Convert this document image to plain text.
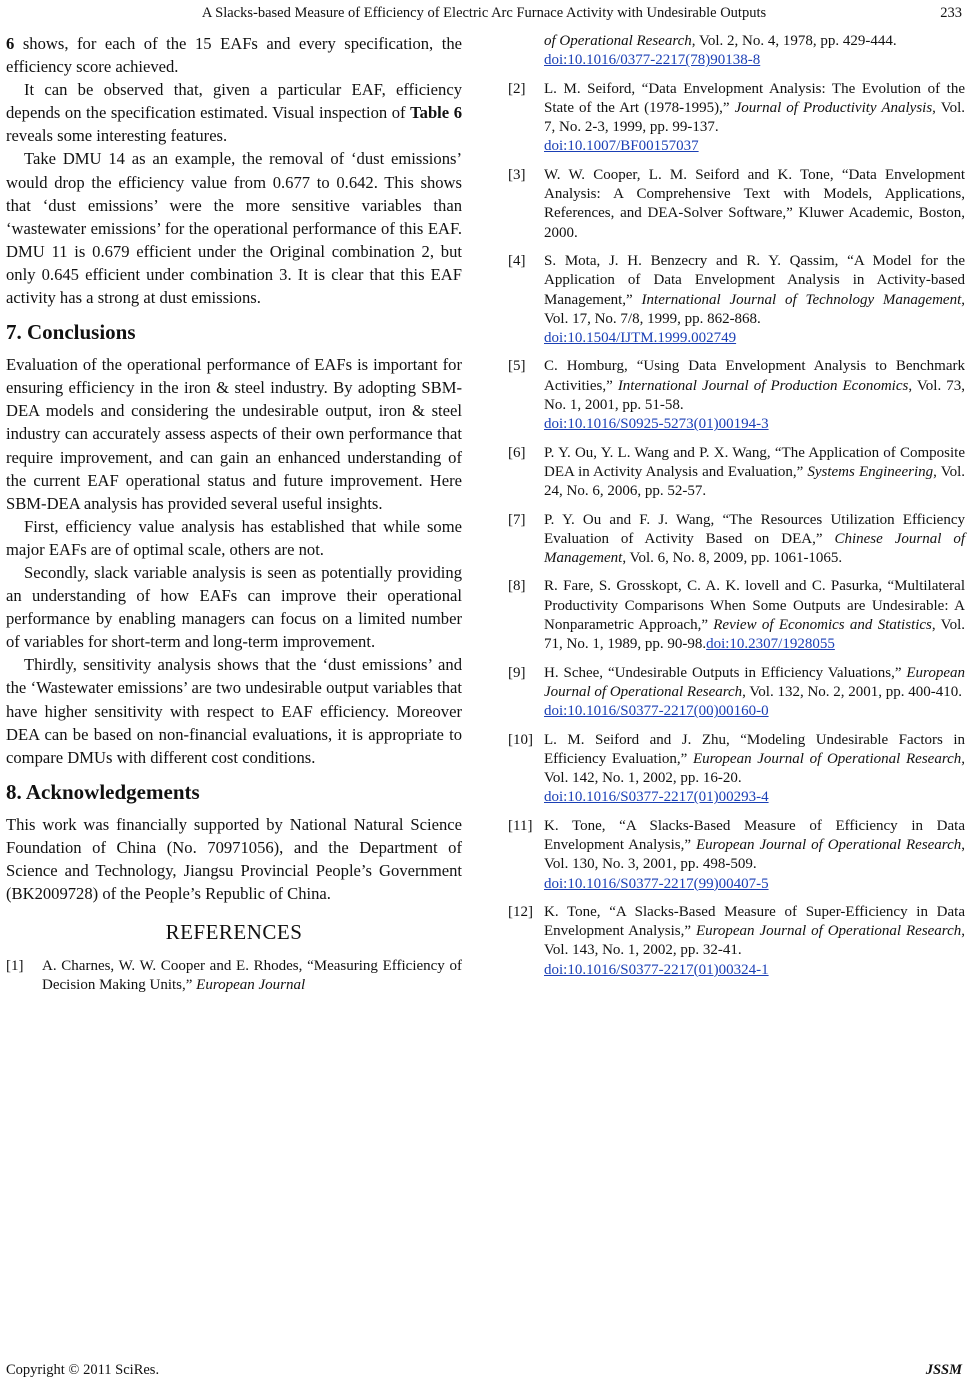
A Slacks-based Measure of Efficiency of Electric Arc Furnace Activity with Undesirable Outputs	233

6 shows, for each of the 15 EAFs and every specification, the efficiency score achieved.

It can be observed that, given a particular EAF, efficiency depends on the specification estimated. Visual inspection of Table 6 reveals some interesting features.

Take DMU 14 as an example, the removal of ‘dust emissions’ would drop the efficiency value from 0.677 to 0.642. This shows that ‘dust emissions’ were the more sensitive variables than ‘wastewater emissions’ for the operational performance of this EAF. DMU 11 is 0.679 efficient under the Original combination 2, but only 0.645 efficient under combination 3. It is clear that this EAF activity has a strong at dust emissions.

7. Conclusions

Evaluation of the operational performance of EAFs is important for ensuring efficiency in the iron & steel industry. By adopting SBM-DEA models and considering the undesirable output, iron & steel industry can accurately assess aspects of their own performance that require improvement, and can gain an enhanced understanding of the current EAF operational status and future improvement. Here SBM-DEA analysis has provided several useful insights.

First, efficiency value analysis has established that while some major EAFs are of optimal scale, others are not.

Secondly, slack variable analysis is seen as potentially providing an understanding of how EAFs can improve their operational performance by enabling managers can focus on a limited number of variables for short-term and long-term improvement.

Thirdly, sensitivity analysis shows that the ‘dust emissions’ and the ‘Wastewater emissions’ are two undesirable output variables that have higher sensitivity with respect to EAF efficiency. Moreover DEA can be based on non-financial evaluations, it is appropriate to compare DMUs with different cost conditions.

8. Acknowledgements

This work was financially supported by National Natural Science Foundation of China (No. 70971056), and the Department of Science and Technology, Jiangsu Provincial People’s Government (BK2009728) of the People’s Republic of China.

REFERENCES
[1] A. Charnes, W. W. Cooper and E. Rhodes, “Measuring Efficiency of Decision Making Units,” European Journal
of Operational Research, Vol. 2, No. 4, 1978, pp. 429-444.
doi:10.1016/0377-2217(78)90138-8
[2] L. M. Seiford, “Data Envelopment Analysis: The Evolution of the State of the Art (1978-1995),” Journal of Productivity Analysis, Vol. 7, No. 2-3, 1999, pp. 99-137.
doi:10.1007/BF00157037
[3] W. W. Cooper, L. M. Seiford and K. Tone, “Data Envelopment Analysis: A Comprehensive Text with Models, Applications, References, and DEA-Solver Software,” Kluwer Academic, Boston, 2000.
[4] S. Mota, J. H. Benzecry and R. Y. Qassim, “A Model for the Application of Data Envelopment Analysis in Activity-based Management,” International Journal of Technology Management, Vol. 17, No. 7/8, 1999, pp. 862-868.
doi:10.1504/IJTM.1999.002749
[5] C. Homburg, “Using Data Envelopment Analysis to Benchmark Activities,” International Journal of Production Economics, Vol. 73, No. 1, 2001, pp. 51-58.
doi:10.1016/S0925-5273(01)00194-3
[6] P. Y. Ou, Y. L. Wang and P. X. Wang, “The Application of Composite DEA in Activity Analysis and Evaluation,” Systems Engineering, Vol. 24, No. 6, 2006, pp. 52-57.
[7] P. Y. Ou and F. J. Wang, “The Resources Utilization Efficiency Evaluation of Activity Based on DEA,” Chinese Journal of Management, Vol. 6, No. 8, 2009, pp. 1061-1065.
[8] R. Fare, S. Grosskopt, C. A. K. lovell and C. Pasurka, “Multilateral Productivity Comparisons When Some Outputs are Undesirable: A Nonparametric Approach,” Review of Economics and Statistics, Vol. 71, No. 1, 1989, pp. 90-98.doi:10.2307/1928055
[9] H. Schee, “Undesirable Outputs in Efficiency Valuations,” European Journal of Operational Research, Vol. 132, No. 2, 2001, pp. 400-410.
doi:10.1016/S0377-2217(00)00160-0
[10] L. M. Seiford and J. Zhu, “Modeling Undesirable Factors in Efficiency Evaluation,” European Journal of Operational Research, Vol. 142, No. 1, 2002, pp. 16-20.
doi:10.1016/S0377-2217(01)00293-4
[11] K. Tone, “A Slacks-Based Measure of Efficiency in Data Envelopment Analysis,” European Journal of Operational Research, Vol. 130, No. 3, 2001, pp. 498-509.
doi:10.1016/S0377-2217(99)00407-5
[12] K. Tone, “A Slacks-Based Measure of Super-Efficiency in Data Envelopment Analysis,” European Journal of Operational Research, Vol. 143, No. 1, 2002, pp. 32-41.
doi:10.1016/S0377-2217(01)00324-1
Copyright © 2011 SciRes.	JSSM
